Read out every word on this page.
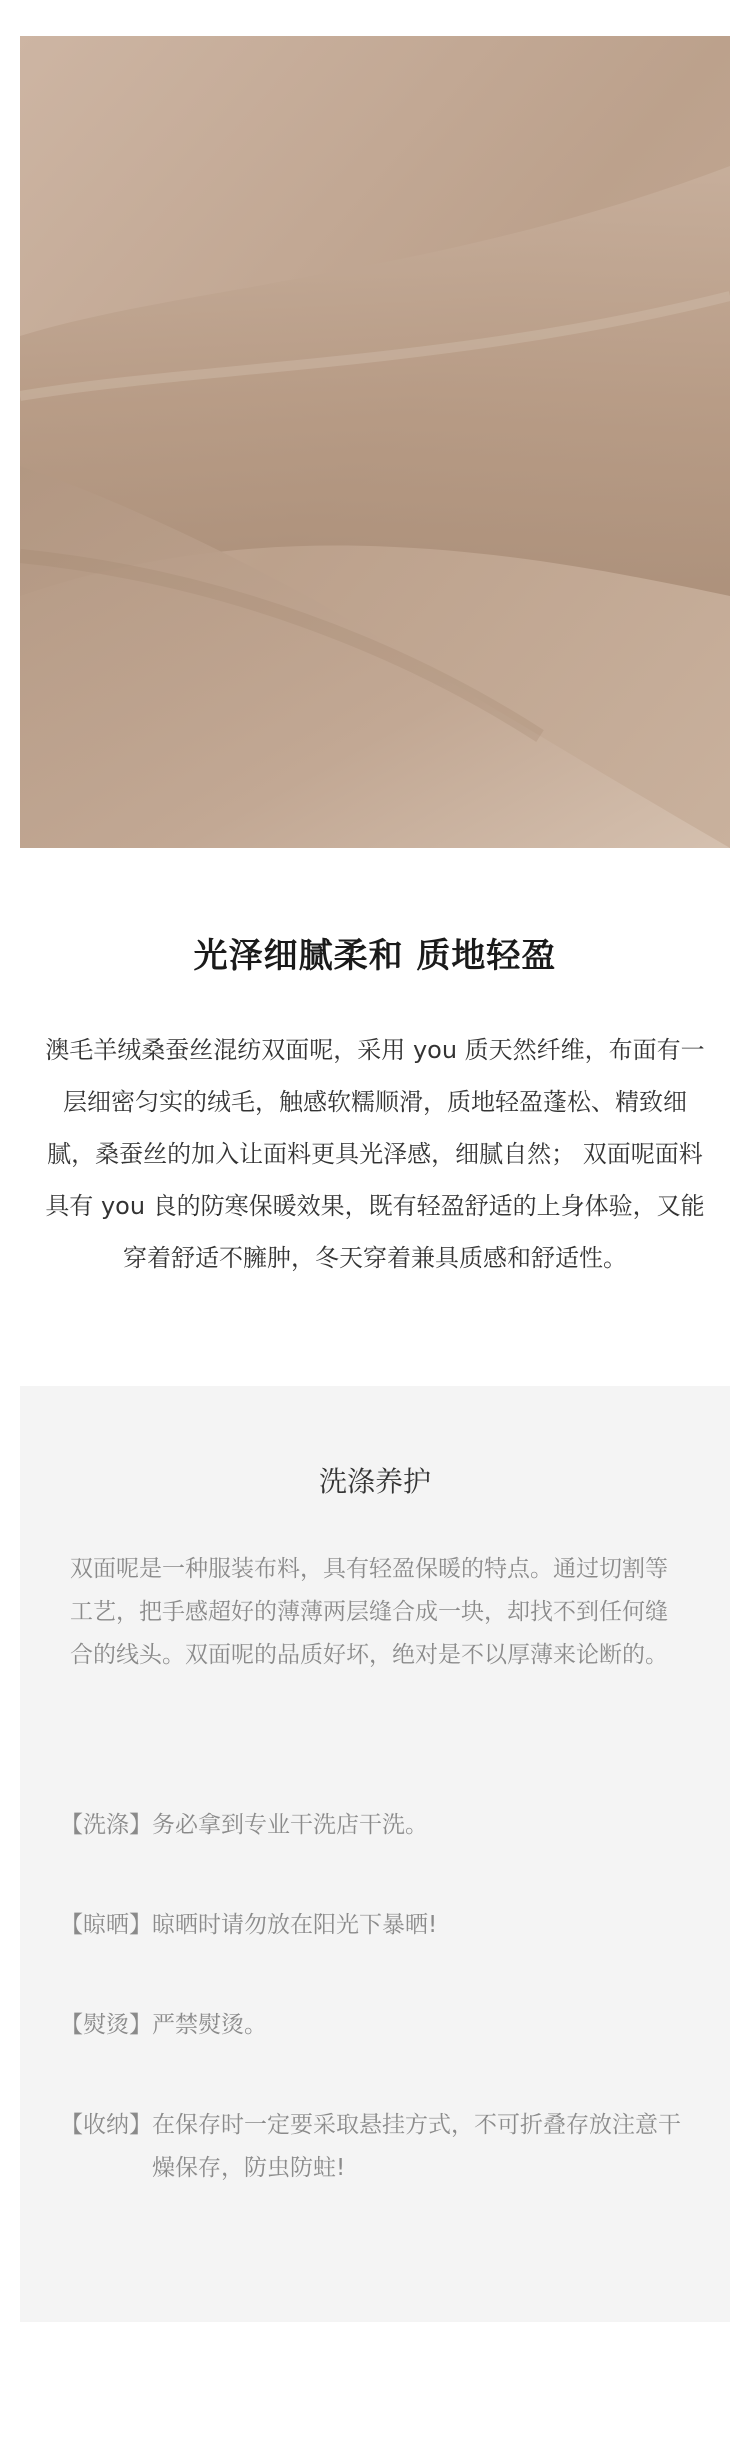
光泽细腻柔和 质地轻盈
澳毛羊绒桑蚕丝混纺双面呢，采用 you 质天然纤维，布面有一层细密匀实的绒毛，触感软糯顺滑，质地轻盈蓬松、精致细腻，桑蚕丝的加入让面料更具光泽感，细腻自然； 双面呢面料具有 you 良的防寒保暖效果，既有轻盈舒适的上身体验，又能穿着舒适不臃肿，冬天穿着兼具质感和舒适性。
洗涤养护
双面呢是一种服装布料，具有轻盈保暖的特点。通过切割等工艺，把手感超好的薄薄两层缝合成一块，却找不到任何缝合的线头。双面呢的品质好坏，绝对是不以厚薄来论断的。
【洗涤】 务必拿到专业干洗店干洗。
【晾晒】 晾晒时请勿放在阳光下暴晒!
【熨烫】 严禁熨烫。
【收纳】 在保存时一定要采取悬挂方式，不可折叠存放注意干燥保存，防虫防蛀!
